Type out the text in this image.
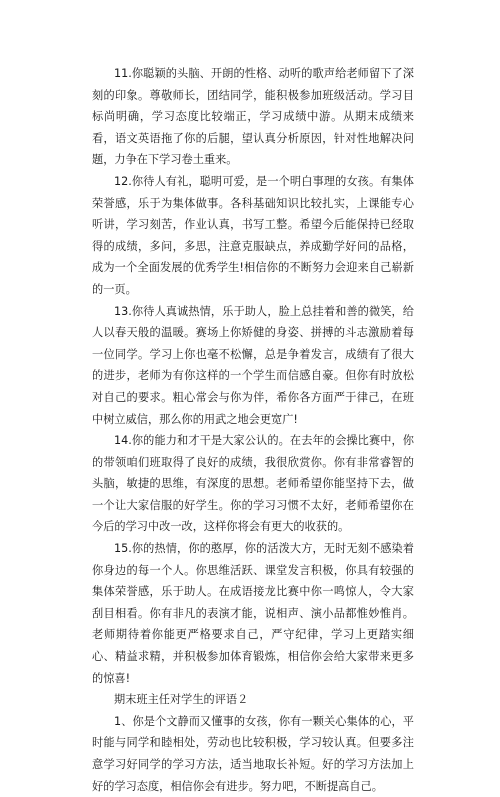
11.你聪颖的头脑、开朗的性格、动听的歌声给老师留下了深刻的印象。尊敬师长，团结同学，能积极参加班级活动。学习目标尚明确，学习态度比较端正，学习成绩中游。从期末成绩来看，语文英语拖了你的后腿，望认真分析原因，针对性地解决问题，力争在下学习卷土重来。

12.你待人有礼，聪明可爱，是一个明白事理的女孩。有集体荣誉感，乐于为集体做事。各科基础知识比较扎实，上课能专心听讲，学习刻苦，作业认真，书写工整。希望今后能保持已经取得的成绩，多问，多思，注意克服缺点，养成勤学好问的品格，成为一个全面发展的优秀学生!相信你的不断努力会迎来自己崭新的一页。

13.你待人真诚热情，乐于助人，脸上总挂着和善的微笑，给人以春天般的温暖。赛场上你矫健的身姿、拼搏的斗志激励着每一位同学。学习上你也毫不松懈，总是争着发言，成绩有了很大的进步，老师为有你这样的一个学生而信感自豪。但你有时放松对自己的要求。粗心常会与你为伴，希你各方面严于律己，在班中树立威信，那么你的用武之地会更宽广!

14.你的能力和才干是大家公认的。在去年的会操比赛中，你的带领咱们班取得了良好的成绩，我很欣赏你。你有非常睿智的头脑，敏捷的思维，有深度的思想。老师希望你能坚持下去，做一个让大家信服的好学生。你的学习习惯不太好，老师希望你在今后的学习中改一改，这样你将会有更大的收获的。

15.你的热情，你的憨厚，你的活泼大方，无时无刻不感染着你身边的每一个人。你思维活跃、课堂发言积极，你具有较强的集体荣誉感，乐于助人。在成语接龙比赛中你一鸣惊人，令大家刮目相看。你有非凡的表演才能，说相声、演小品都惟妙惟肖。老师期待着你能更严格要求自己，严守纪律，学习上更踏实细心、精益求精，并积极参加体育锻炼，相信你会给大家带来更多的惊喜!

期末班主任对学生的评语２

1、你是个文静而又懂事的女孩，你有一颗关心集体的心，平时能与同学和睦相处，劳动也比较积极，学习较认真。但要多注意学习好同学的学习方法，适当地取长补短。好的学习方法加上好的学习态度，相信你会有进步。努力吧，不断提高自己。
